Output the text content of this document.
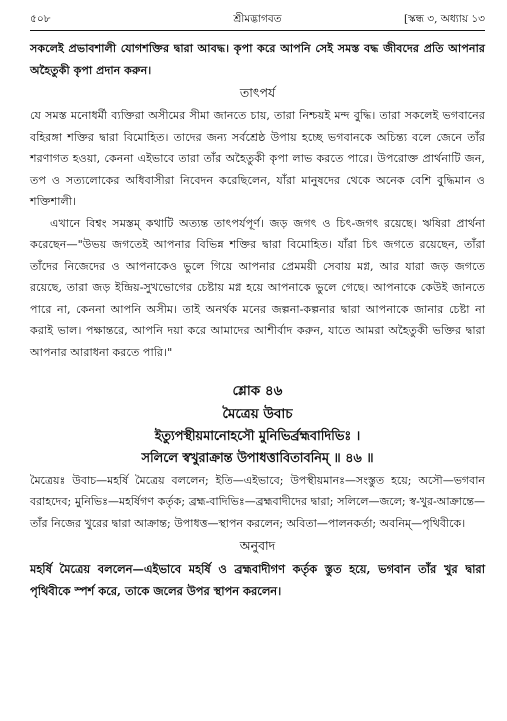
৫০৮	শ্রীমদ্ভাগবত	[স্কন্ধ ৩, অধ্যায় ১৩

সকলেই প্রভাবশালী যোগশক্তির দ্বারা আবদ্ধ। কৃপা করে আপনি সেই সমস্ত বদ্ধ জীবদের প্রতি আপনার অহৈতুকী কৃপা প্রদান করুন।

তাৎপর্য

যে সমস্ত মনোধর্মী ব্যক্তিরা অসীমের সীমা জানতে চায়, তারা নিশ্চয়ই মন্দ বুদ্ধি। তারা সকলেই ভগবানের বহিরঙ্গা শক্তির দ্বারা বিমোহিত। তাদের জন্য সর্বশ্রেষ্ঠ উপায় হচ্ছে ভগবানকে অচিন্ত্য বলে জেনে তাঁর শরণাগত হওয়া, কেননা এইভাবে তারা তাঁর অহৈতুকী কৃপা লাভ করতে পারে। উপরোক্ত প্রার্থনাটি জন, তপ ও সত্যলোকের অধিবাসীরা নিবেদন করেছিলেন, যাঁরা মানুষদের থেকে অনেক বেশি বুদ্ধিমান ও শক্তিশালী।

এখানে বিশ্বং সমস্তম্ কথাটি অত্যন্ত তাৎপর্যপূর্ণ। জড় জগৎ ও চিৎ-জগৎ রয়েছে। ঋষিরা প্রার্থনা করেছেন—"উভয় জগতেই আপনার বিভিন্ন শক্তির দ্বারা বিমোহিত। যাঁরা চিৎ জগতে রয়েছেন, তাঁরা তাঁদের নিজেদের ও আপনাকেও ভুলে গিয়ে আপনার প্রেমময়ী সেবায় মগ্ন, আর যারা জড় জগতে রয়েছে, তারা জড় ইন্দ্রিয়-সুখভোগের চেষ্টায় মগ্ন হয়ে আপনাকে ভুলে গেছে। আপনাকে কেউই জানতে পারে না, কেননা আপনি অসীম। তাই অনর্থক মনের জল্পনা-কল্পনার দ্বারা আপনাকে জানার চেষ্টা না করাই ভাল। পক্ষান্তরে, আপনি দয়া করে আমাদের আশীর্বাদ করুন, যাতে আমরা অহৈতুকী ভক্তির দ্বারা আপনার আরাধনা করতে পারি।"

শ্লোক ৪৬
মৈত্রেয় উবাচ
ইত্যুপস্থীয়মানোহসৌ মুনিভির্ব্রহ্মবাদিভিঃ ।
সলিলে স্বখুরাক্রান্ত উপাধত্তাবিতাবনিম্ ॥ ৪৬ ॥

মৈত্রেয়ঃ উবাচ—মহর্ষি মৈত্রেয় বললেন; ইতি—এইভাবে; উপস্থীয়মানঃ—সংস্তুত হয়ে; অসৌ—ভগবান বরাহদেব; মুনিভিঃ—মহর্ষিগণ কর্তৃক; ব্রহ্ম-বাদিভিঃ—ব্রহ্মবাদীদের দ্বারা; সলিলে—জলে; স্ব-খুর-আক্রান্তে—তাঁর নিজের খুরের দ্বারা আক্রান্ত; উপাধত্ত—স্থাপন করলেন; অবিতা—পালনকর্তা; অবনিম্—পৃথিবীকে।

অনুবাদ

মহর্ষি মৈত্রেয় বললেন—এইভাবে মহর্ষি ও ব্রহ্মবাদীগণ কর্তৃক স্তুত হয়ে, ভগবান তাঁর খুর দ্বারা পৃথিবীকে স্পর্শ করে, তাকে জলের উপর স্থাপন করলেন।
